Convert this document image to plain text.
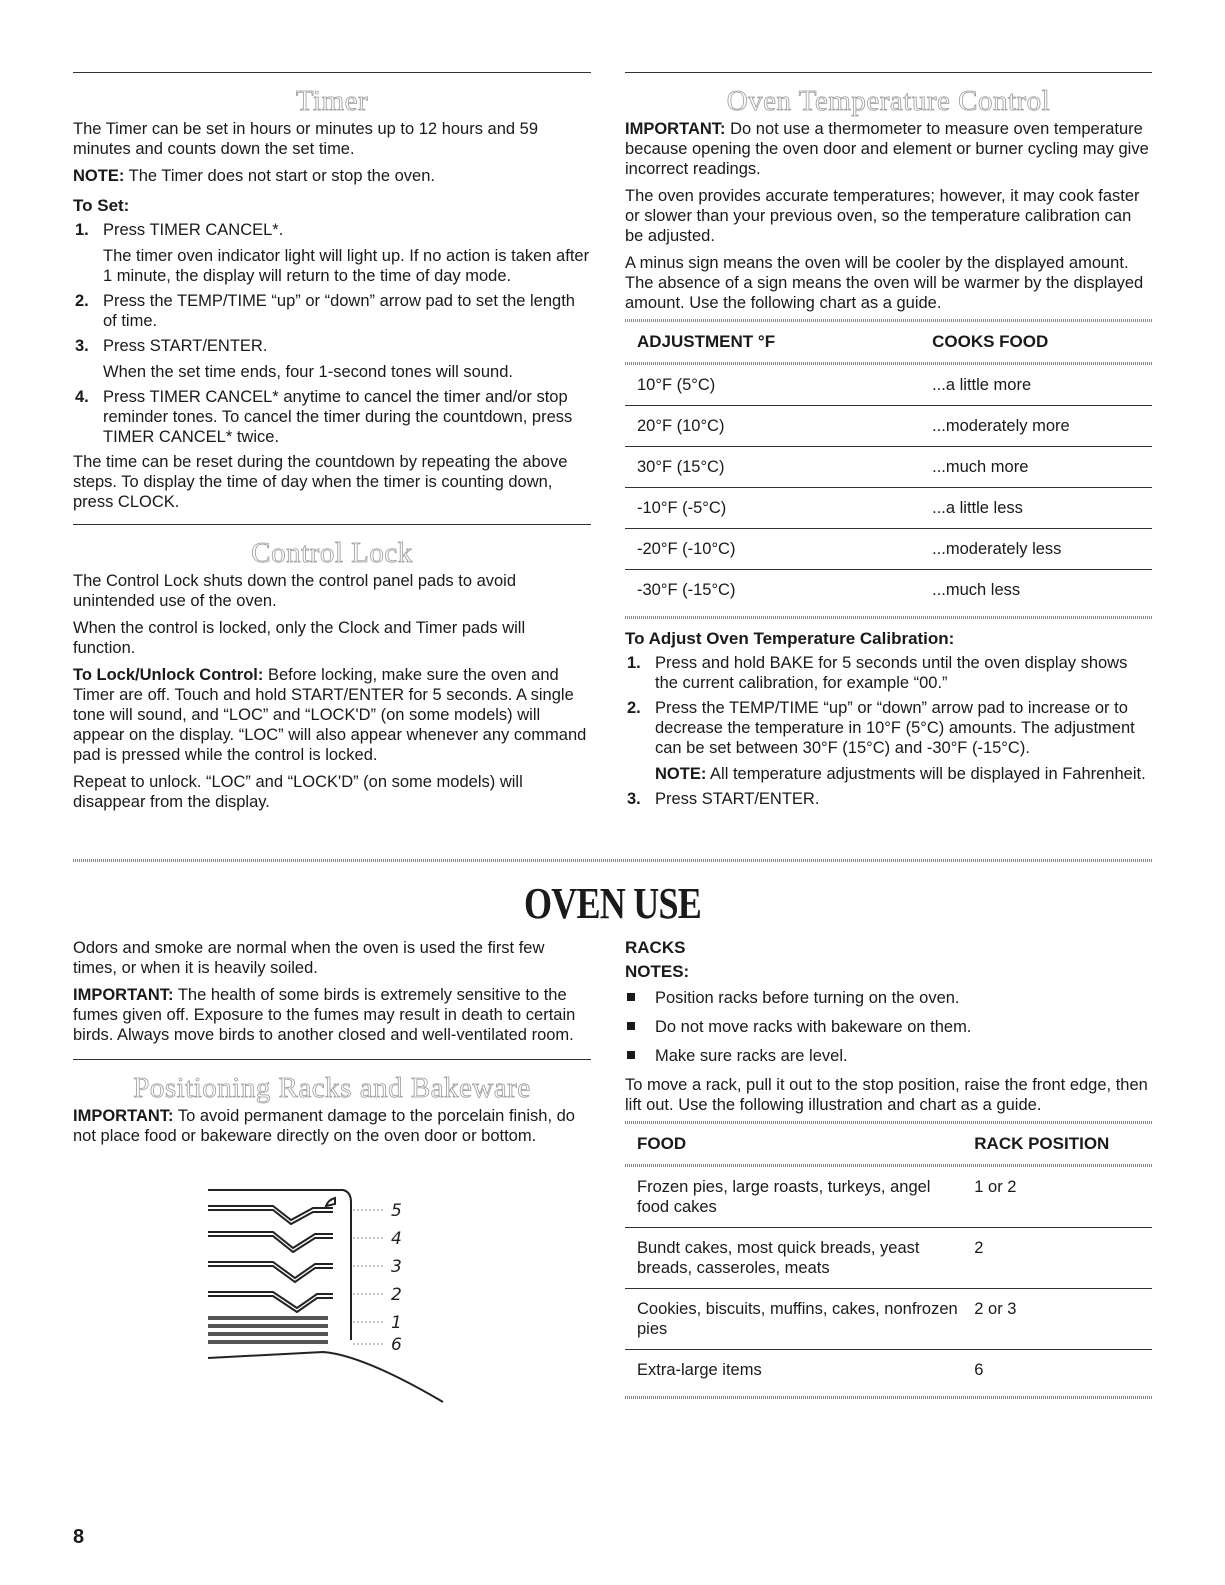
Timer

The Timer can be set in hours or minutes up to 12 hours and 59 minutes and counts down the set time.

NOTE: The Timer does not start or stop the oven.

To Set:
1. Press TIMER CANCEL*.
The timer oven indicator light will light up. If no action is taken after 1 minute, the display will return to the time of day mode.
2. Press the TEMP/TIME “up” or “down” arrow pad to set the length of time.
3. Press START/ENTER.
When the set time ends, four 1-second tones will sound.
4. Press TIMER CANCEL* anytime to cancel the timer and/or stop reminder tones. To cancel the timer during the countdown, press TIMER CANCEL* twice.

The time can be reset during the countdown by repeating the above steps. To display the time of day when the timer is counting down, press CLOCK.

Control Lock

The Control Lock shuts down the control panel pads to avoid unintended use of the oven.

When the control is locked, only the Clock and Timer pads will function.

To Lock/Unlock Control: Before locking, make sure the oven and Timer are off. Touch and hold START/ENTER for 5 seconds. A single tone will sound, and “LOC” and “LOCK'D” (on some models) will appear on the display. “LOC” will also appear whenever any command pad is pressed while the control is locked.

Repeat to unlock. “LOC” and “LOCK'D” (on some models) will disappear from the display.

Oven Temperature Control

IMPORTANT: Do not use a thermometer to measure oven temperature because opening the oven door and element or burner cycling may give incorrect readings.

The oven provides accurate temperatures; however, it may cook faster or slower than your previous oven, so the temperature calibration can be adjusted.

A minus sign means the oven will be cooler by the displayed amount. The absence of a sign means the oven will be warmer by the displayed amount. Use the following chart as a guide.

ADJUSTMENT °F	COOKS FOOD

10°F (5°C)	...a little more
20°F (10°C)	...moderately more
30°F (15°C)	...much more
-10°F (-5°C)	...a little less
-20°F (-10°C)	...moderately less
-30°F (-15°C)	...much less
To Adjust Oven Temperature Calibration:
1. Press and hold BAKE for 5 seconds until the oven display shows the current calibration, for example “00.”
2. Press the TEMP/TIME “up” or “down” arrow pad to increase or to decrease the temperature in 10°F (5°C) amounts. The adjustment can be set between 30°F (15°C) and -30°F (-15°C).
NOTE: All temperature adjustments will be displayed in Fahrenheit.
3. Press START/ENTER.
OVEN USE

Odors and smoke are normal when the oven is used the first few times, or when it is heavily soiled.

IMPORTANT: The health of some birds is extremely sensitive to the fumes given off. Exposure to the fumes may result in death to certain birds. Always move birds to another closed and well-ventilated room.

Positioning Racks and Bakeware

IMPORTANT: To avoid permanent damage to the porcelain finish, do not place food or bakeware directly on the oven door or bottom.

5
4
3
2
1
6
RACKS
NOTES:
Position racks before turning on the oven.
Do not move racks with bakeware on them.
Make sure racks are level.

To move a rack, pull it out to the stop position, raise the front edge, then lift out. Use the following illustration and chart as a guide.

FOOD	RACK POSITION

Frozen pies, large roasts, turkeys, angel food cakes	1 or 2
Bundt cakes, most quick breads, yeast breads, casseroles, meats	2
Cookies, biscuits, muffins, cakes, nonfrozen pies	2 or 3
Extra-large items	6
8
